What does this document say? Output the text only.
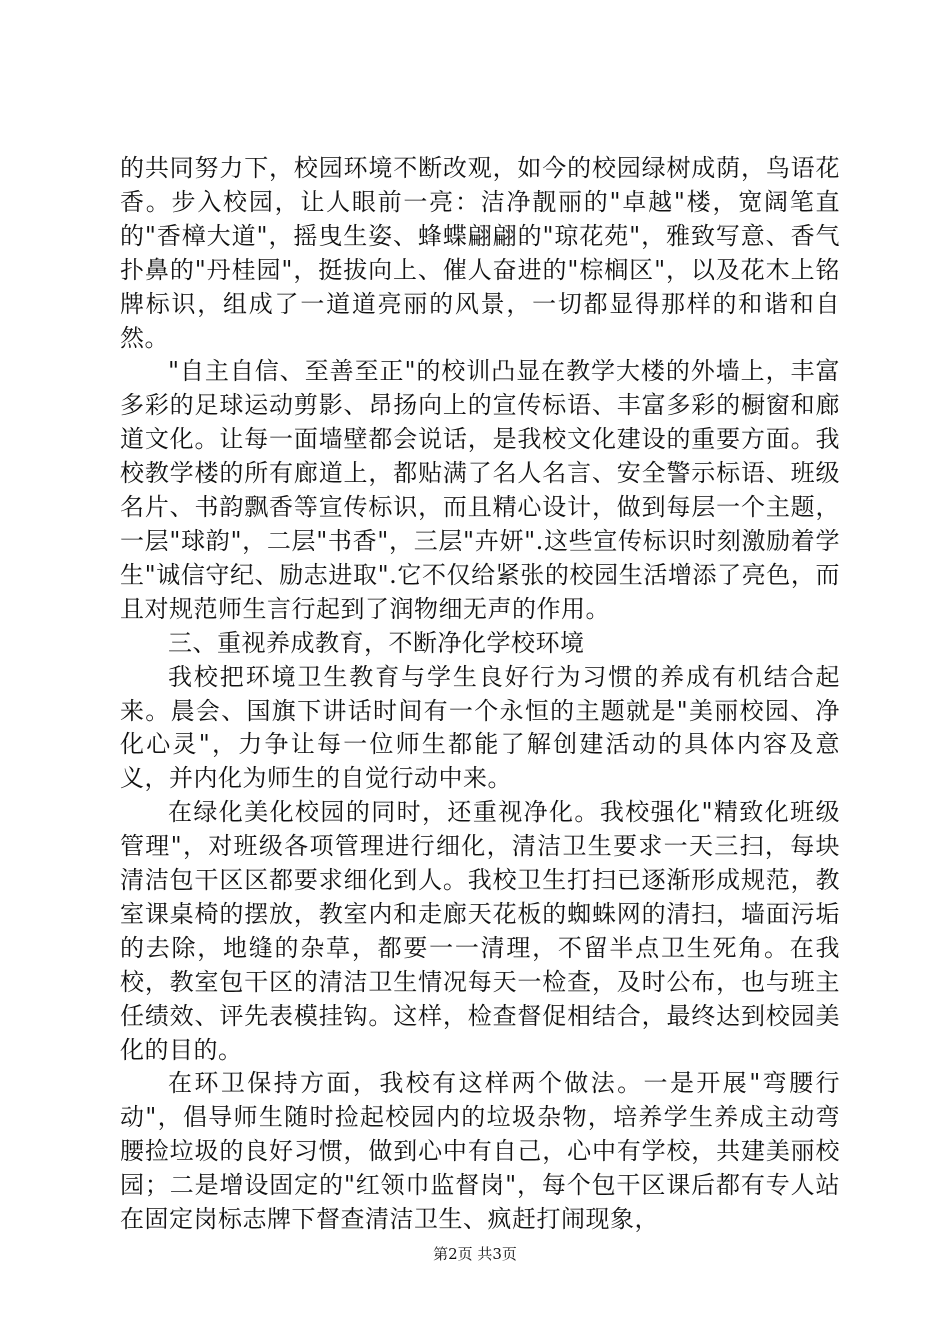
的共同努力下，校园环境不断改观，如今的校园绿树成荫，鸟语花香。步入校园，让人眼前一亮：洁净靓丽的"卓越"楼，宽阔笔直的"香樟大道"，摇曳生姿、蜂蝶翩翩的"琼花苑"，雅致写意、香气扑鼻的"丹桂园"，挺拔向上、催人奋进的"棕榈区"，以及花木上铭牌标识，组成了一道道亮丽的风景，一切都显得那样的和谐和自然。

"自主自信、至善至正"的校训凸显在教学大楼的外墙上，丰富多彩的足球运动剪影、昂扬向上的宣传标语、丰富多彩的橱窗和廊道文化。让每一面墙壁都会说话，是我校文化建设的重要方面。我校教学楼的所有廊道上，都贴满了名人名言、安全警示标语、班级名片、书韵飘香等宣传标识，而且精心设计，做到每层一个主题，一层"球韵"，二层"书香"，三层"卉妍".这些宣传标识时刻激励着学生"诚信守纪、励志进取".它不仅给紧张的校园生活增添了亮色，而且对规范师生言行起到了润物细无声的作用。

三、重视养成教育，不断净化学校环境

我校把环境卫生教育与学生良好行为习惯的养成有机结合起来。晨会、国旗下讲话时间有一个永恒的主题就是"美丽校园、净化心灵"，力争让每一位师生都能了解创建活动的具体内容及意义，并内化为师生的自觉行动中来。

在绿化美化校园的同时，还重视净化。我校强化"精致化班级管理"，对班级各项管理进行细化，清洁卫生要求一天三扫，每块清洁包干区区都要求细化到人。我校卫生打扫已逐渐形成规范，教室课桌椅的摆放，教室内和走廊天花板的蜘蛛网的清扫，墙面污垢的去除，地缝的杂草，都要一一清理，不留半点卫生死角。在我校，教室包干区的清洁卫生情况每天一检查，及时公布，也与班主任绩效、评先表模挂钩。这样，检查督促相结合，最终达到校园美化的目的。

在环卫保持方面，我校有这样两个做法。一是开展"弯腰行动"，倡导师生随时捡起校园内的垃圾杂物，培养学生养成主动弯腰捡垃圾的良好习惯，做到心中有自己，心中有学校，共建美丽校园；二是增设固定的"红领巾监督岗"，每个包干区课后都有专人站在固定岗标志牌下督查清洁卫生、疯赶打闹现象，

第2页 共3页
